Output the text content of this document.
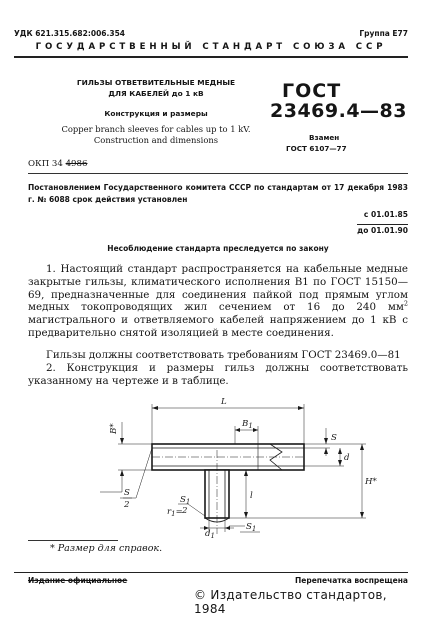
УДК 621.315.682:006.354	Группа Е77
ГОСУДАРСТВЕННЫЙ СТАНДАРТ СОЮЗА ССР
ГИЛЬЗЫ ОТВЕТВИТЕЛЬНЫЕ МЕДНЫЕ
ДЛЯ КАБЕЛЕЙ до 1 кВ
Конструкция и размеры
Copper branch sleeves for cables up to 1 kV.
Construction and dimensions
ГОСТ
23469.4—83
Взамен
ГОСТ 6107—77
ОКП 34 4986
Постановлением Государственного комитета СССР по стандартам от 17 декабря 1983 г. № 6088 срок действия установлен
с 01.01.85
до 01.01.90
Несоблюдение стандарта преследуется по закону
1. Настоящий стандарт распространяется на кабельные медные закрытые гильзы, климатического исполнения В1 по ГОСТ 15150—69, предназначенные для соединения пайкой под прямым углом медных токопроводящих жил сечением от 16 до 240 $мм^2$ магистрального и ответвляемого кабелей напряжением до 1 кВ с предварительно снятой изоляцией в месте соединения.
Гильзы должны соответствовать требованиям ГОСТ 23469.0—81
2. Конструкция и размеры гильз должны соответствовать указанному на чертеже и в таблице.
L
$B_1$
S
d
H*
B*
S
2	$S_1$
2
$r_1=$
l
$d_1$
$S_1$
* Размер для справок.
Издание официальное	Перепечатка воспрещена
© Издательство стандартов, 1984
